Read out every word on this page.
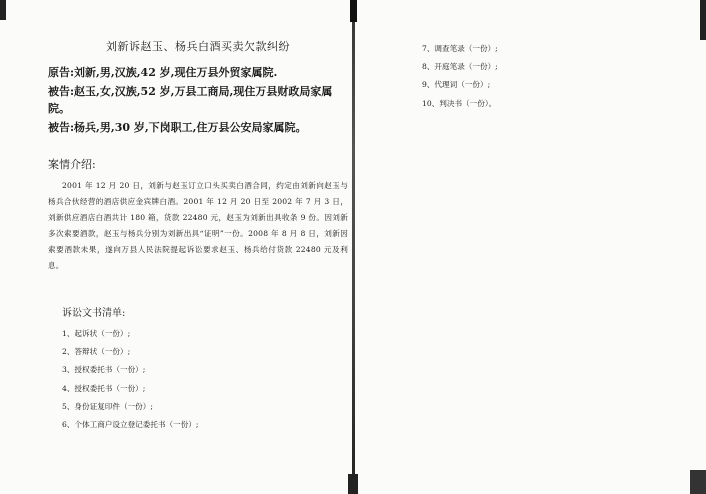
刘新诉赵玉、杨兵白酒买卖欠款纠纷

原告:刘新,男,汉族,42 岁,现住万县外贸家属院.

被告:赵玉,女,汉族,52 岁,万县工商局,现住万县财政局家属院。

被告:杨兵,男,30 岁,下岗职工,住万县公安局家属院。

案情介绍:

2001 年 12 月 20 日，刘新与赵玉订立口头买卖白酒合同，约定由刘新向赵玉与杨兵合伙经营的酒店供应金宾牌白酒。2001 年 12 月 20 日至 2002 年 7 月 3 日，刘新供应酒店白酒共计 180 箱，货款 22480 元，赵玉为刘新出具收条 9 份。因刘新多次索要酒款，赵玉与杨兵分别为刘新出具“证明”一份。2008 年 8 月 8 日，刘新因索要酒款未果，遂向万县人民法院提起诉讼要求赵玉、杨兵给付货款 22480 元及利息。

诉讼文书清单:

1、起诉状（一份）;
2、答辩状（一份）;
3、授权委托书（一份）;
4、授权委托书（一份）;
5、身份证复印件（一份）;
6、个体工商户设立登记委托书（一份）;
7、调查笔录（一份）;
8、开庭笔录（一份）;
9、代理词（一份）;
10、判决书（一份）。
